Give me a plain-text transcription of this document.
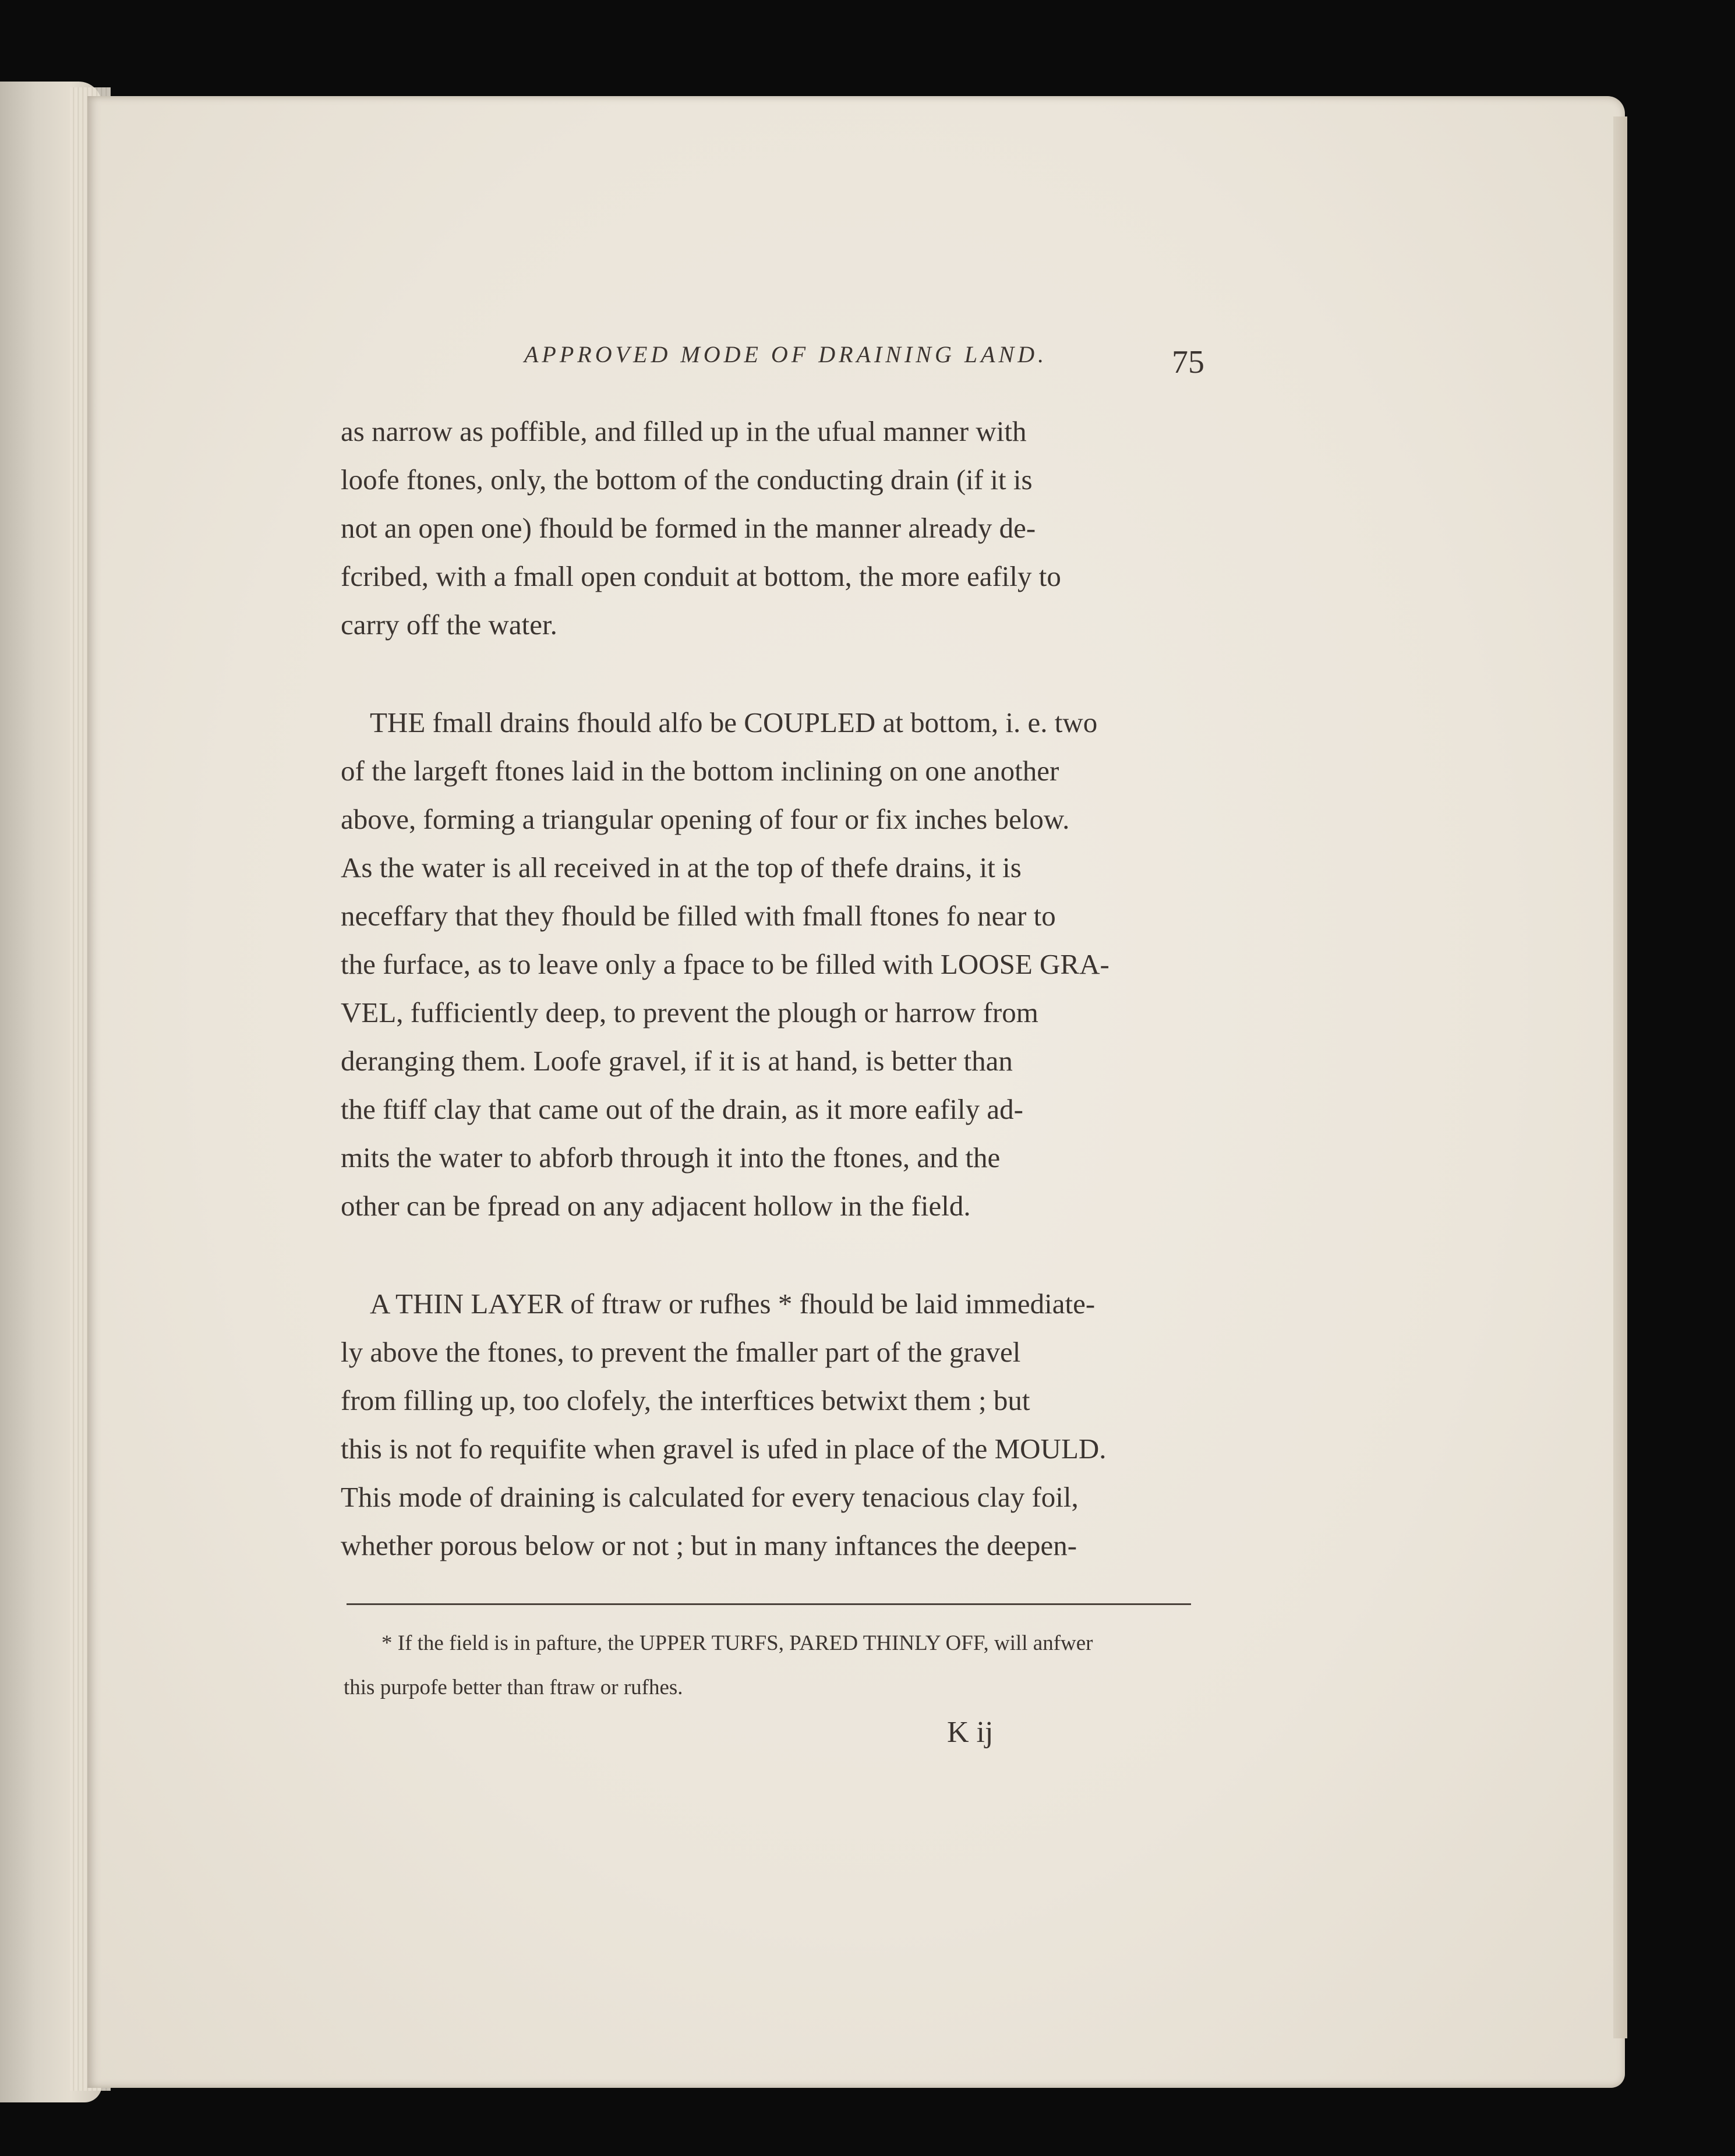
APPROVED MODE OF DRAINING LAND.	75
as narrow as poffible, and filled up in the ufual manner with
loofe ftones, only, the bottom of the conducting drain (if it is
not an open one) fhould be formed in the manner already de-
fcribed, with a fmall open conduit at bottom, the more eafily to
carry off the water.
THE fmall drains fhould alfo be COUPLED at bottom, i. e. two
of the largeft ftones laid in the bottom inclining on one another
above, forming a triangular opening of four or fix inches below.
As the water is all received in at the top of thefe drains, it is
neceffary that they fhould be filled with fmall ftones fo near to
the furface, as to leave only a fpace to be filled with LOOSE GRA-
VEL, fufficiently deep, to prevent the plough or harrow from
deranging them. Loofe gravel, if it is at hand, is better than
the ftiff clay that came out of the drain, as it more eafily ad-
mits the water to abforb through it into the ftones, and the
other can be fpread on any adjacent hollow in the field.
A THIN LAYER of ftraw or rufhes * fhould be laid immediate-
ly above the ftones, to prevent the fmaller part of the gravel
from filling up, too clofely, the interftices betwixt them ; but
this is not fo requifite when gravel is ufed in place of the MOULD.
This mode of draining is calculated for every tenacious clay foil,
whether porous below or not ; but in many inftances the deepen-
* If the field is in pafture, the UPPER TURFS, PARED THINLY OFF, will anfwer
this purpofe better than ftraw or rufhes.
K ij
